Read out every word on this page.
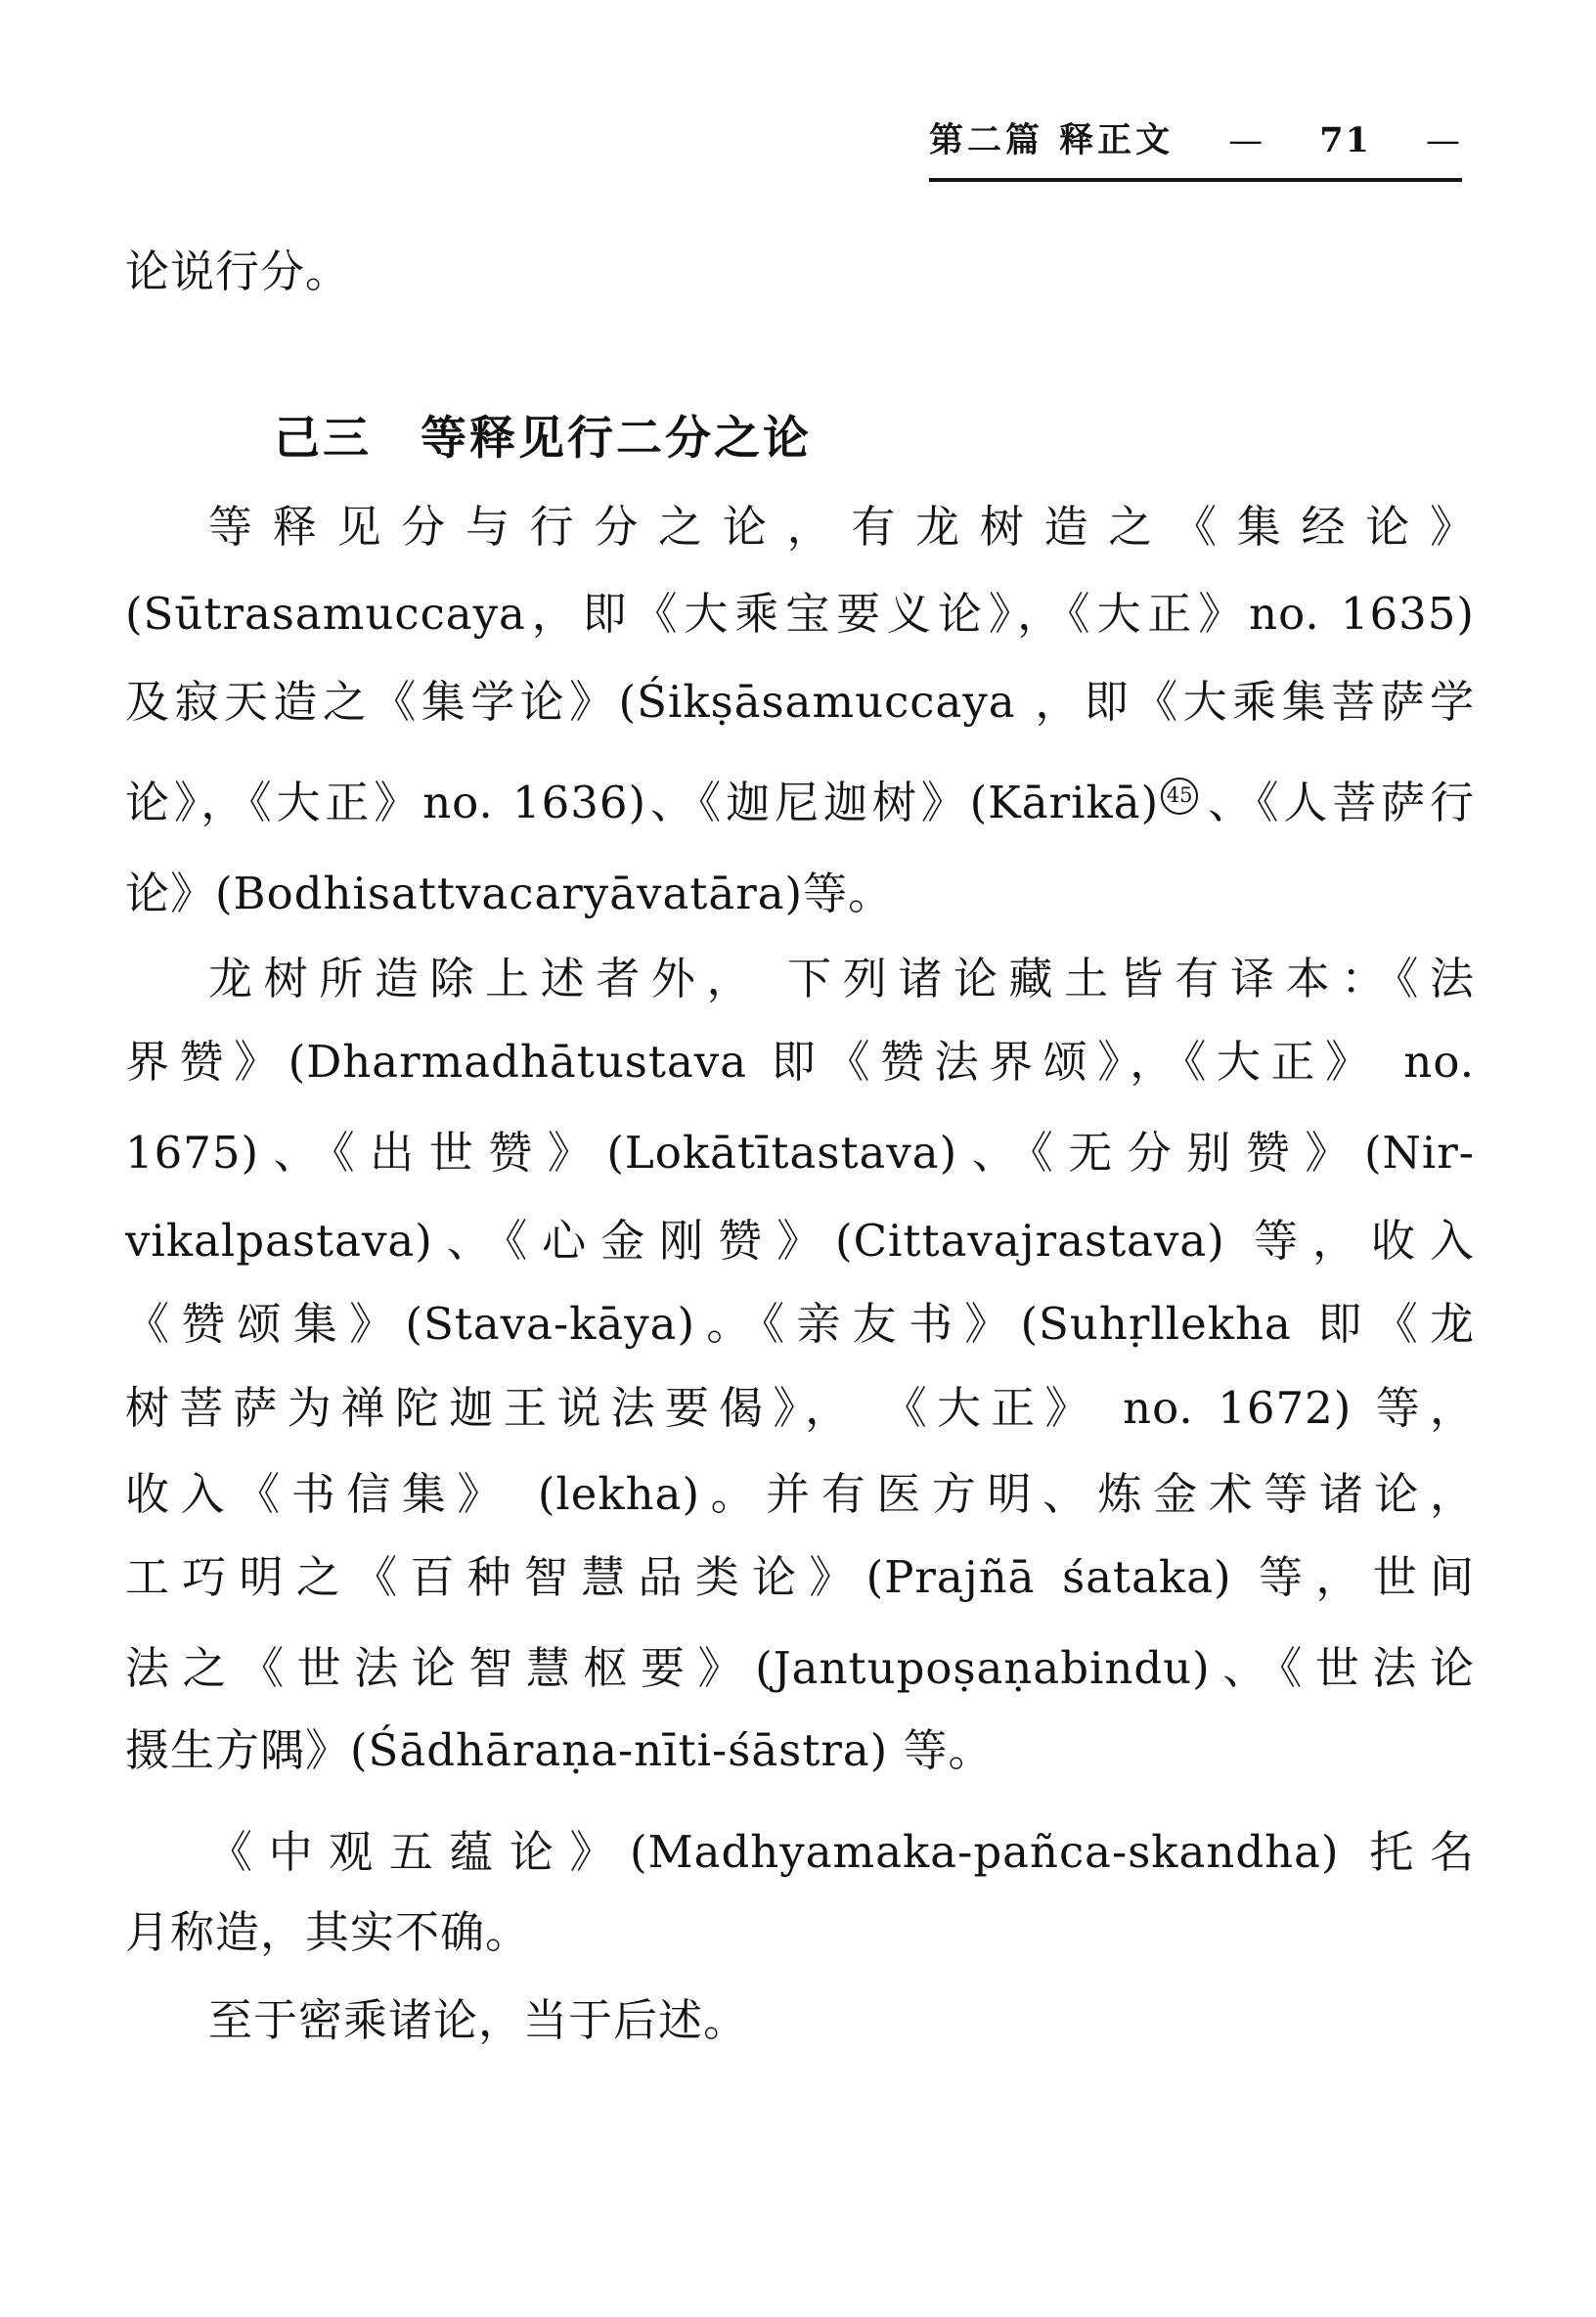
第二篇 释正文 — 71 —
论说行分。
己三　等释见行二分之论
等释见分与行分之论，有龙树造之《集经论》
(Sūtrasamuccaya，即《大乘宝要义论》，《大正》no. 1635)
及寂天造之《集学论》(Śikṣāsamuccaya ，即《大乘集菩萨学
论》，《大正》no. 1636)、《迦尼迦树》(Kārikā) 45 、《人菩萨行
论》(Bodhisattvacaryāvatāra)等。
龙树所造除上述者外， 下列诸论藏土皆有译本：《法
界赞》(Dharmadhātustava 即《赞法界颂》，《大正》 no.
1675)、《出世赞》(Lokātītastava)、《无分别赞》(Nir-
vikalpastava)、《心金刚赞》(Cittavajrastava) 等，收入
《赞颂集》(Stava-kāya)。《亲友书》(Suhṛllekha 即《龙
树菩萨为禅陀迦王说法要偈》， 《大正》 no. 1672) 等，
收入《书信集》 (lekha)。并有医方明、炼金术等诸论，
工巧明之《百种智慧品类论》(Prajñā śataka) 等，世间
法之《世法论智慧枢要》(Jantupoṣaṇabindu)、《世法论
摄生方隅》(Śādhāraṇa-nīti-śāstra) 等。
《中观五蕴论》(Madhyamaka-pañca-skandha) 托名
月称造，其实不确。
至于密乘诸论，当于后述。
